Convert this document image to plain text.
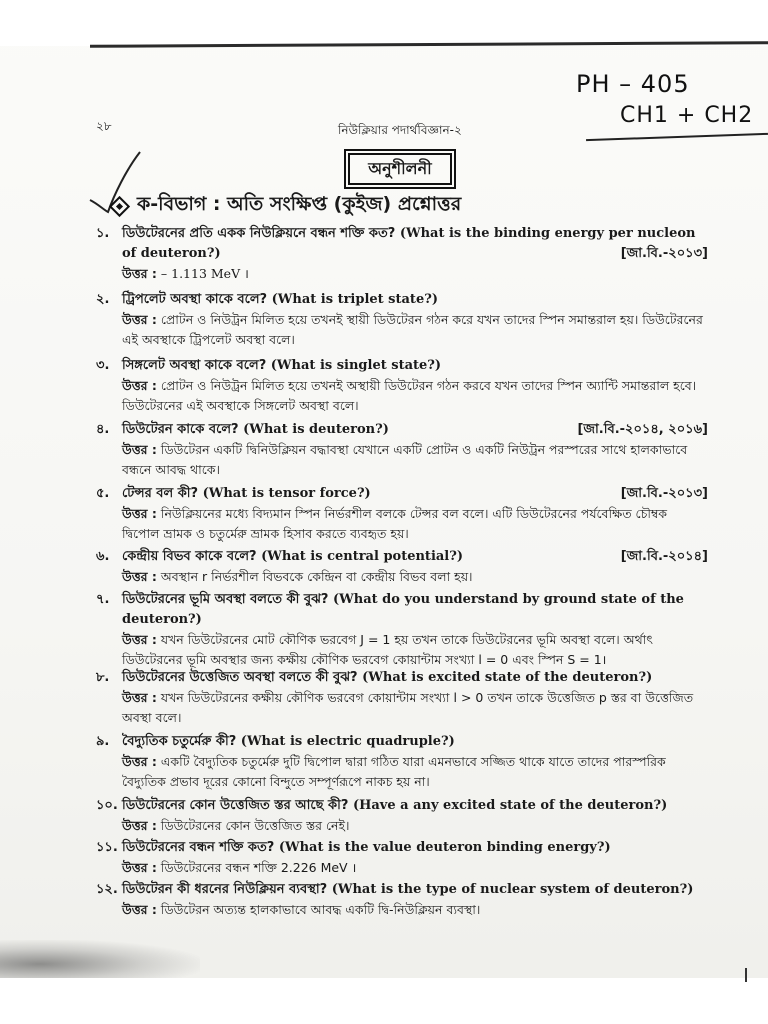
PH – 405
CH1 + CH2
২৮	নিউক্লিয়ার পদার্থবিজ্ঞান-২
অনুশীলনী
ক-বিভাগ : অতি সংক্ষিপ্ত (কুইজ) প্রশ্নোত্তর
১. ডিউটেরনের প্রতি একক নিউক্লিয়নে বন্ধন শক্তি কত? (What is the binding energy per nucleon of deuteron?)	[জা.বি.-২০১৩]
উত্তর : – 1.113 MeV ।
২. ট্রিপলেট অবস্থা কাকে বলে? (What is triplet state?)
উত্তর : প্রোটন ও নিউট্রন মিলিত হয়ে তখনই স্থায়ী ডিউটেরন গঠন করে যখন তাদের স্পিন সমান্তরাল হয়। ডিউটেরনের এই অবস্থাকে ট্রিপলেট অবস্থা বলে।
৩. সিঙ্গলেট অবস্থা কাকে বলে? (What is singlet state?)
উত্তর : প্রোটন ও নিউট্রন মিলিত হয়ে তখনই অস্থায়ী ডিউটেরন গঠন করবে যখন তাদের স্পিন অ্যান্টি সমান্তরাল হবে। ডিউটেরনের এই অবস্থাকে সিঙ্গলেট অবস্থা বলে।
৪. ডিউটেরন কাকে বলে? (What is deuteron?)	[জা.বি.-২০১৪, ২০১৬]
উত্তর : ডিউটেরন একটি দ্বিনিউক্লিয়ন বদ্ধাবস্থা যেখানে একটি প্রোটন ও একটি নিউট্রন পরস্পরের সাথে হালকাভাবে বন্ধনে আবদ্ধ থাকে।
৫. টেন্সর বল কী? (What is tensor force?)	[জা.বি.-২০১৩]
উত্তর : নিউক্লিয়নের মধ্যে বিদ্যমান স্পিন নির্ভরশীল বলকে টেন্সর বল বলে। এটি ডিউটেরনের পর্যবেক্ষিত চৌম্বক দ্বিপোল ভ্রামক ও চতুর্মেরু ভ্রামক হিসাব করতে ব্যবহৃত হয়।
৬. কেন্দ্রীয় বিভব কাকে বলে? (What is central potential?)	[জা.বি.-২০১৪]
উত্তর : অবস্থান r নির্ভরশীল বিভবকে কেন্দ্রিন বা কেন্দ্রীয় বিভব বলা হয়।
৭. ডিউটেরনের ভূমি অবস্থা বলতে কী বুঝ? (What do you understand by ground state of the deuteron?)
উত্তর : যখন ডিউটেরনের মোট কৌণিক ভরবেগ J = 1 হয় তখন তাকে ডিউটেরনের ভূমি অবস্থা বলে। অর্থাৎ ডিউটেরনের ভূমি অবস্থার জন্য কক্ষীয় কৌণিক ভরবেগ কোয়ান্টাম সংখ্যা l = 0 এবং স্পিন S = 1।
৮. ডিউটেরনের উত্তেজিত অবস্থা বলতে কী বুঝ? (What is excited state of the deuteron?)
উত্তর : যখন ডিউটেরনের কক্ষীয় কৌণিক ভরবেগ কোয়ান্টাম সংখ্যা l > 0 তখন তাকে উত্তেজিত p স্তর বা উত্তেজিত অবস্থা বলে।
৯. বৈদ্যুতিক চতুর্মেরু কী? (What is electric quadruple?)
উত্তর : একটি বৈদ্যুতিক চতুর্মেরু দুটি দ্বিপোল দ্বারা গঠিত যারা এমনভাবে সজ্জিত থাকে যাতে তাদের পারস্পরিক বৈদ্যুতিক প্রভাব দূরের কোনো বিন্দুতে সম্পূর্ণরূপে নাকচ হয় না।
১০. ডিউটেরনের কোন উত্তেজিত স্তর আছে কী? (Have a any excited state of the deuteron?)
উত্তর : ডিউটেরনের কোন উত্তেজিত স্তর নেই।
১১. ডিউটেরনের বন্ধন শক্তি কত? (What is the value deuteron binding energy?)
উত্তর : ডিউটেরনের বন্ধন শক্তি 2.226 MeV ।
১২. ডিউটেরন কী ধরনের নিউক্লিয়ন ব্যবস্থা? (What is the type of nuclear system of deuteron?)
উত্তর : ডিউটেরন অত্যন্ত হালকাভাবে আবদ্ধ একটি দ্বি-নিউক্লিয়ন ব্যবস্থা।
